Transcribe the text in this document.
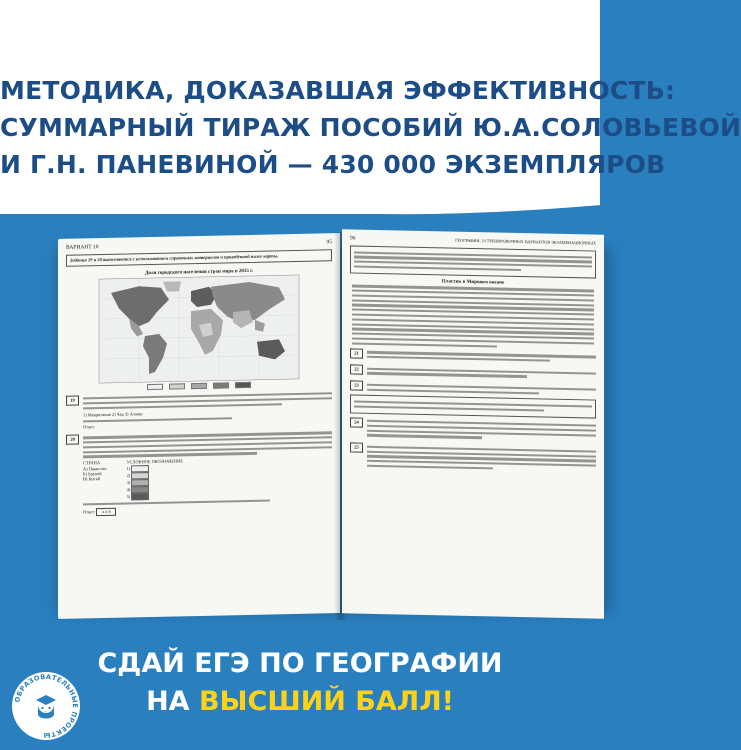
МЕТОДИКА, ДОКАЗАВШАЯ ЭФФЕКТИВНОСТЬ:
СУММАРНЫЙ ТИРАЖ ПОСОБИЙ Ю.А.СОЛОВЬЕВОЙ
И Г.Н. ПАНЕВИНОЙ — 430 000 ЭКЗЕМПЛЯРОВ
ВАРИАНТ 10
95
Задания 19 и 20 выполняются с использованием справочных материалов и приведённой ниже карты.
Доля городского населения стран мира в 2015 г.
19
1) Мавритания 2) Чад 3) Алжир
Ответ:
20
СТРАНА
А) Пакистан
Б) Бруней
В) Китай
УСЛОВНОЕ ОБОЗНАЧЕНИЕ
1)
2)
3)
4)
5)
Ответ: А Б В
96	ГЕОГРАФИЯ: 20 ТРЕНИРОВОЧНЫХ ВАРИАНТОВ ЭКЗАМЕНАЦИОННЫХ
Пластик в Мировом океане
21
22
23
24
25
СДАЙ ЕГЭ ПО ГЕОГРАФИИ
НА ВЫСШИЙ БАЛЛ!
ОБРАЗОВАТЕЛЬНЫЕ ПРОЕКТЫ
